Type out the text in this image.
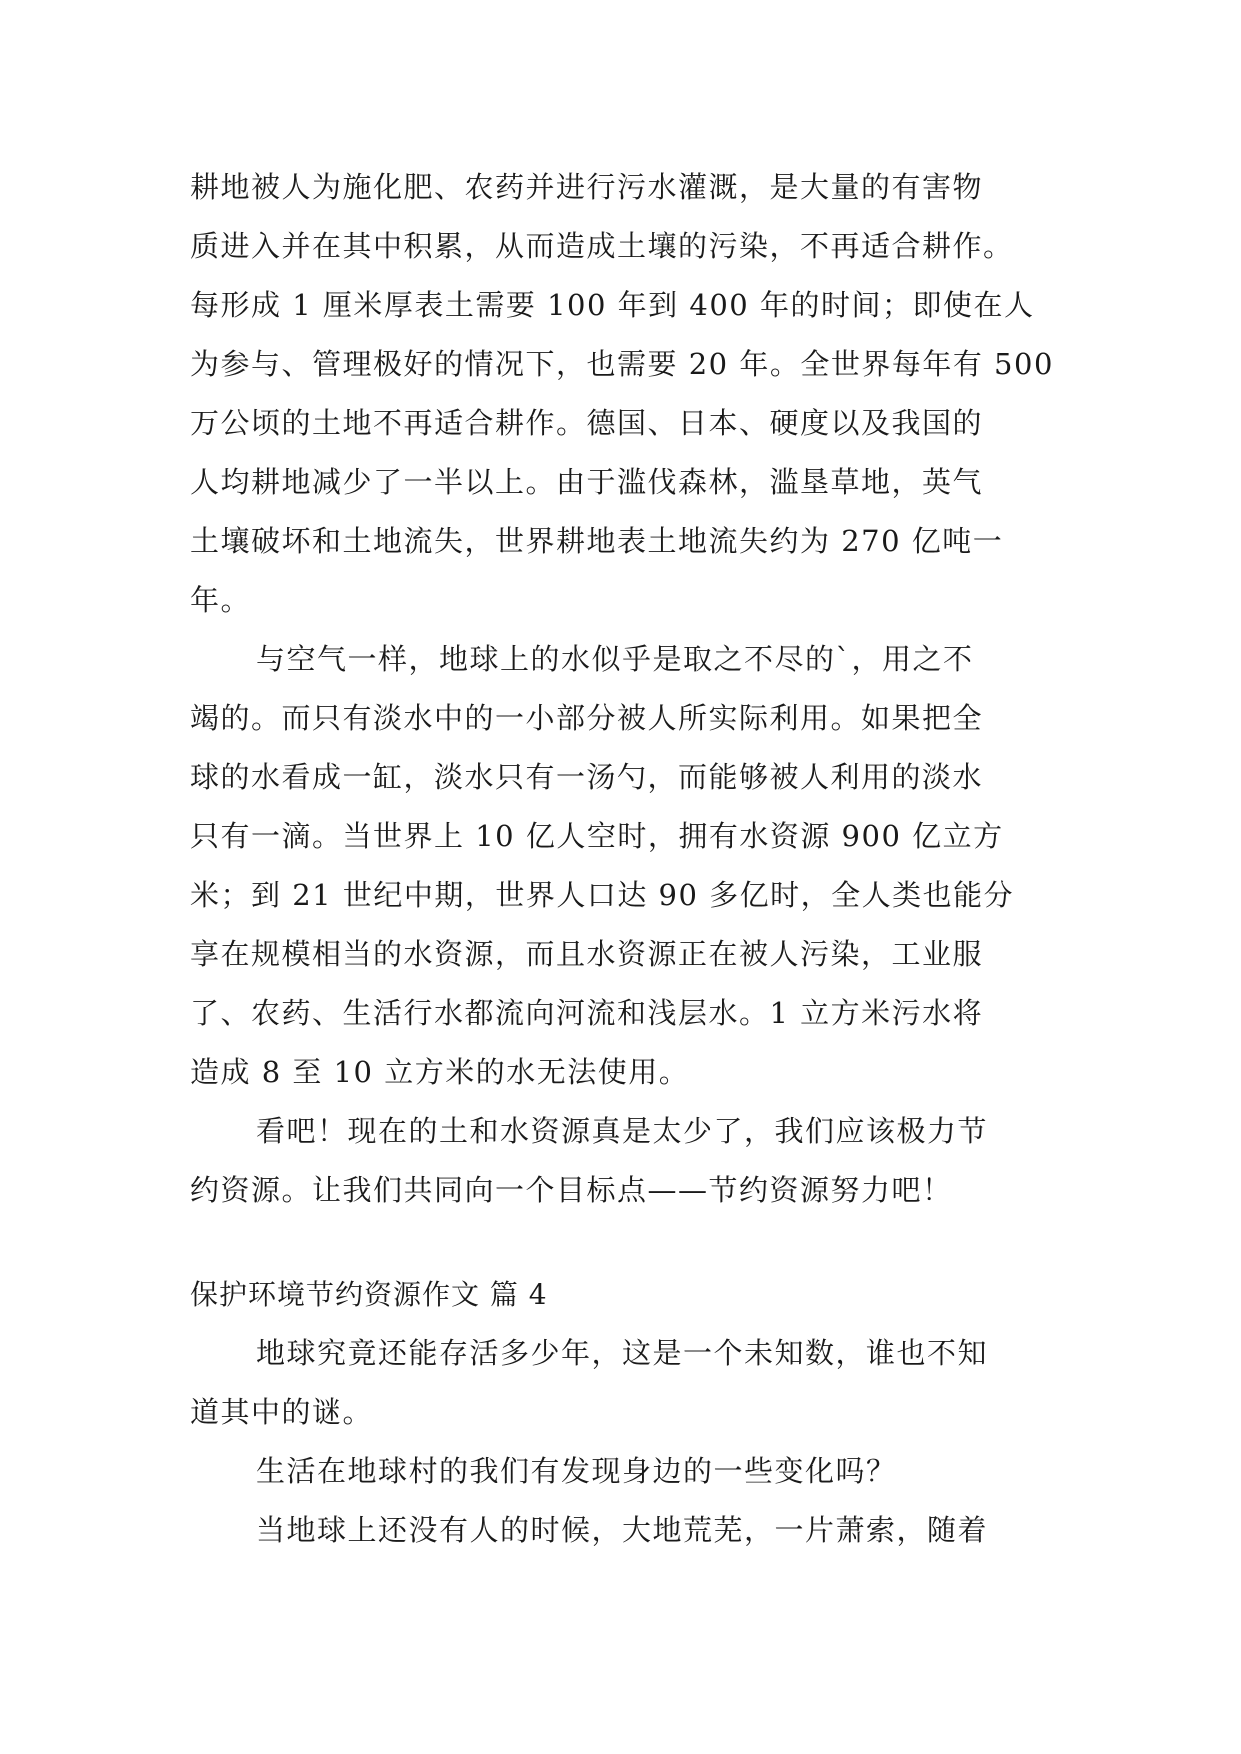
耕地被人为施化肥、农药并进行污水灌溉，是大量的有害物
质进入并在其中积累，从而造成土壤的污染，不再适合耕作。
每形成 1 厘米厚表土需要 100 年到 400 年的时间；即使在人
为参与、管理极好的情况下，也需要 20 年。全世界每年有 500
万公顷的土地不再适合耕作。德国、日本、硬度以及我国的
人均耕地减少了一半以上。由于滥伐森林，滥垦草地，英气
土壤破坏和土地流失，世界耕地表土地流失约为 270 亿吨一
年。
与空气一样，地球上的水似乎是取之不尽的`，用之不
竭的。而只有淡水中的一小部分被人所实际利用。如果把全
球的水看成一缸，淡水只有一汤勺，而能够被人利用的淡水
只有一滴。当世界上 10 亿人空时，拥有水资源 900 亿立方
米；到 21 世纪中期，世界人口达 90 多亿时，全人类也能分
享在规模相当的水资源，而且水资源正在被人污染，工业服
了、农药、生活行水都流向河流和浅层水。1 立方米污水将
造成 8 至 10 立方米的水无法使用。
看吧！现在的土和水资源真是太少了，我们应该极力节
约资源。让我们共同向一个目标点——节约资源努力吧！
保护环境节约资源作文 篇 4
地球究竟还能存活多少年，这是一个未知数，谁也不知
道其中的谜。
生活在地球村的我们有发现身边的一些变化吗？
当地球上还没有人的时候，大地荒芜，一片萧索，随着
